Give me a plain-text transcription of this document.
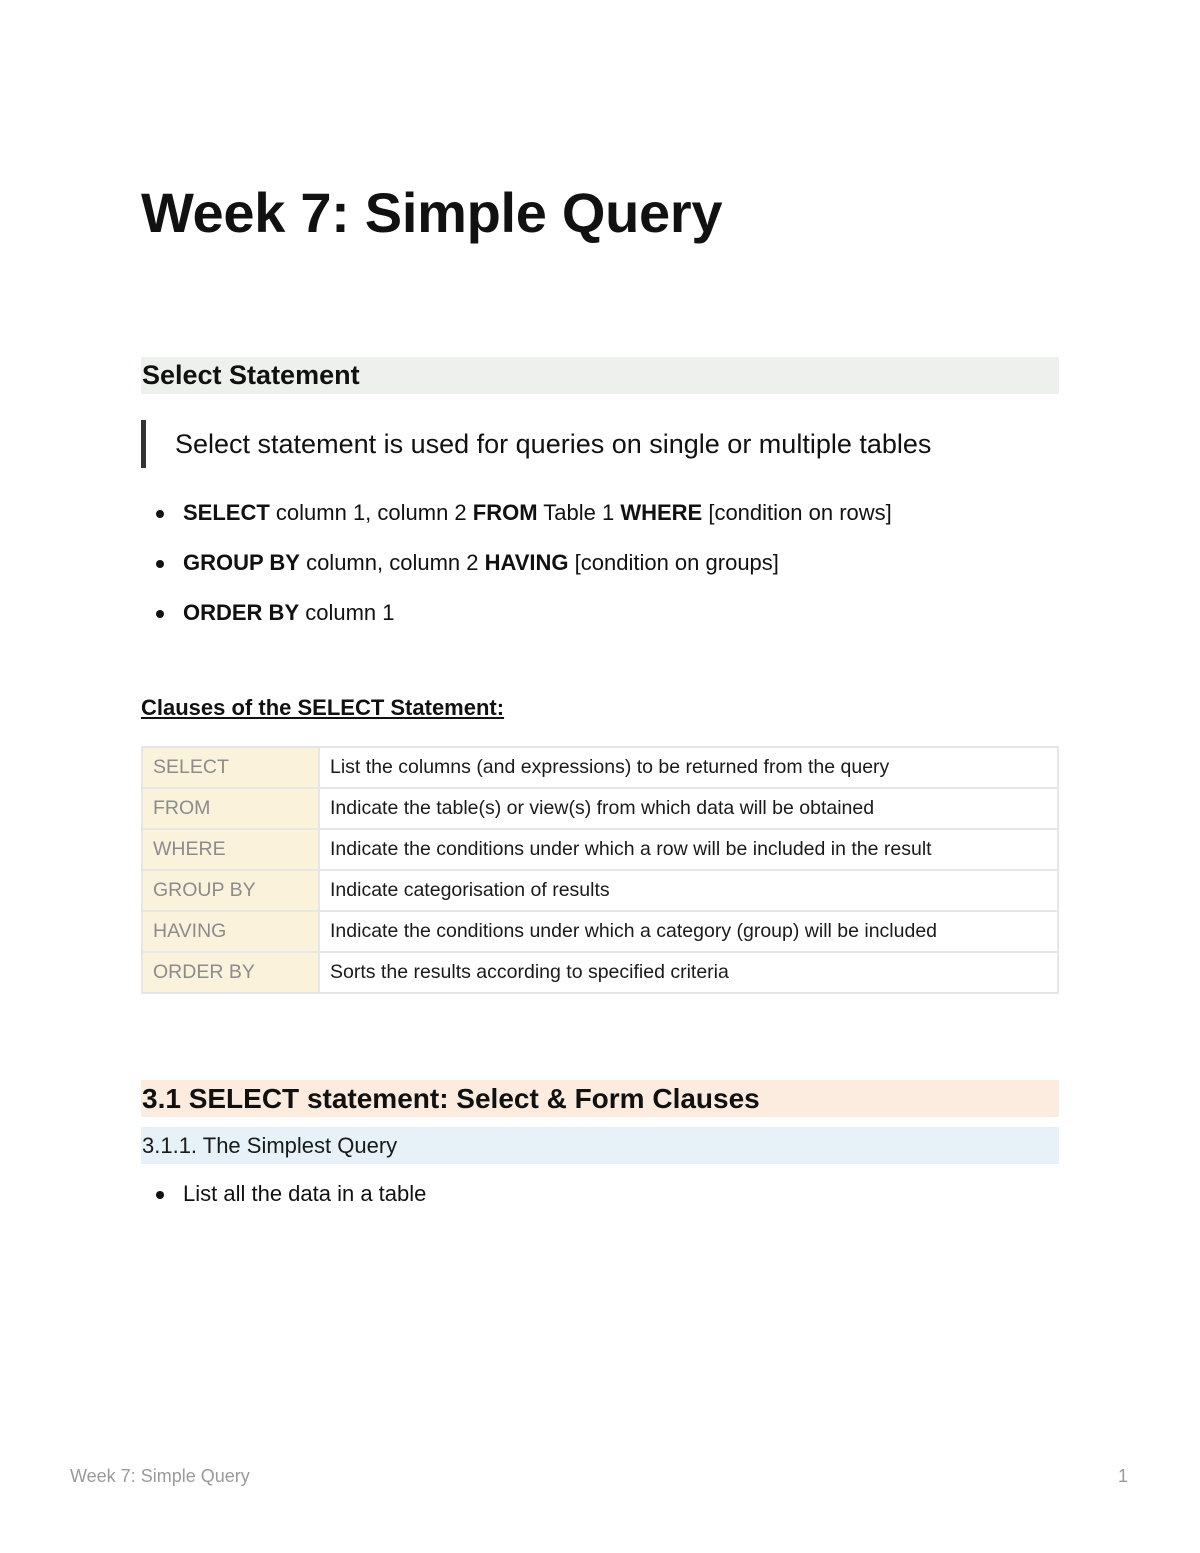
Week 7: Simple Query
Select Statement
Select statement is used for queries on single or multiple tables
SELECT column 1, column 2 FROM Table 1 WHERE [condition on rows]
GROUP BY column, column 2 HAVING [condition on groups]
ORDER BY column 1
Clauses of the SELECT Statement:
SELECT	List the columns (and expressions) to be returned from the query
FROM	Indicate the table(s) or view(s) from which data will be obtained
WHERE	Indicate the conditions under which a row will be included in the result
GROUP BY	Indicate categorisation of results
HAVING	Indicate the conditions under which a category (group) will be included
ORDER BY	Sorts the results according to specified criteria
3.1 SELECT statement: Select & Form Clauses
3.1.1. The Simplest Query
List all the data in a table
Week 7: Simple Query	1
